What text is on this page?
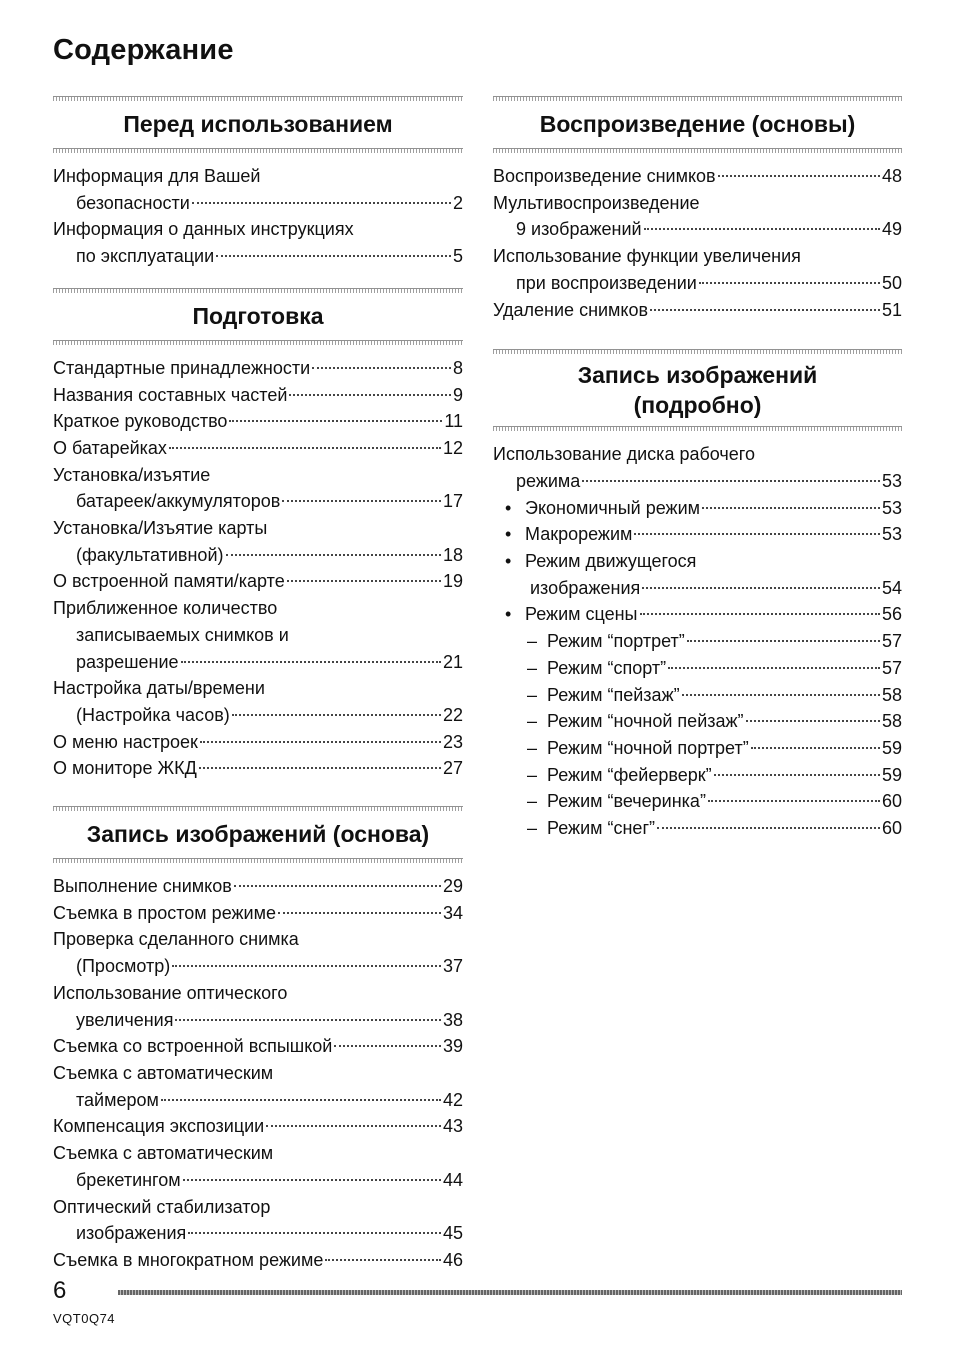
Содержание
Перед использованием
Информация для Вашей
безопасности	2
Информация о данных инструкциях
по эксплуатации	5
Подготовка
Стандартные принадлежности	8
Названия составных частей	9
Краткое руководство	11
О батарейках	12
Установка/изъятие
батареек/аккумуляторов	17
Установка/Изъятие карты
(факультативной)	18
О встроенной памяти/карте	19
Приближенное количество
записываемых снимков и
разрешение	21
Настройка даты/времени
(Настройка часов)	22
О меню настроек	23
О мониторе ЖКД	27
Запись изображений (основа)
Выполнение снимков	29
Съемка в простом режиме	34
Проверка сделанного снимка
(Просмотр)	37
Использование оптического
увеличения	38
Съемка со встроенной вспышкой	39
Съемка с автоматическим
таймером	42
Компенсация экспозиции	43
Съемка с автоматическим
брекетингом	44
Оптический стабилизатор
изображения	45
Съемка в многократном режиме	46
Воспроизведение (основы)
Воспроизведение снимков	48
Мультивоспроизведение
9 изображений	49
Использование функции увеличения
при воспроизведении	50
Удаление снимков	51
Запись изображений (подробно)
Использование диска рабочего
режима	53
• Экономичный режим	53
• Макрорежим	53
• Режим движущегося
изображения	54
• Режим сцены	56
– Режим “портрет”	57
– Режим “спорт”	57
– Режим “пейзаж”	58
– Режим “ночной пейзаж”	58
– Режим “ночной портрет”	59
– Режим “фейерверк”	59
– Режим “вечеринка”	60
– Режим “снег”	60
6
VQT0Q74
